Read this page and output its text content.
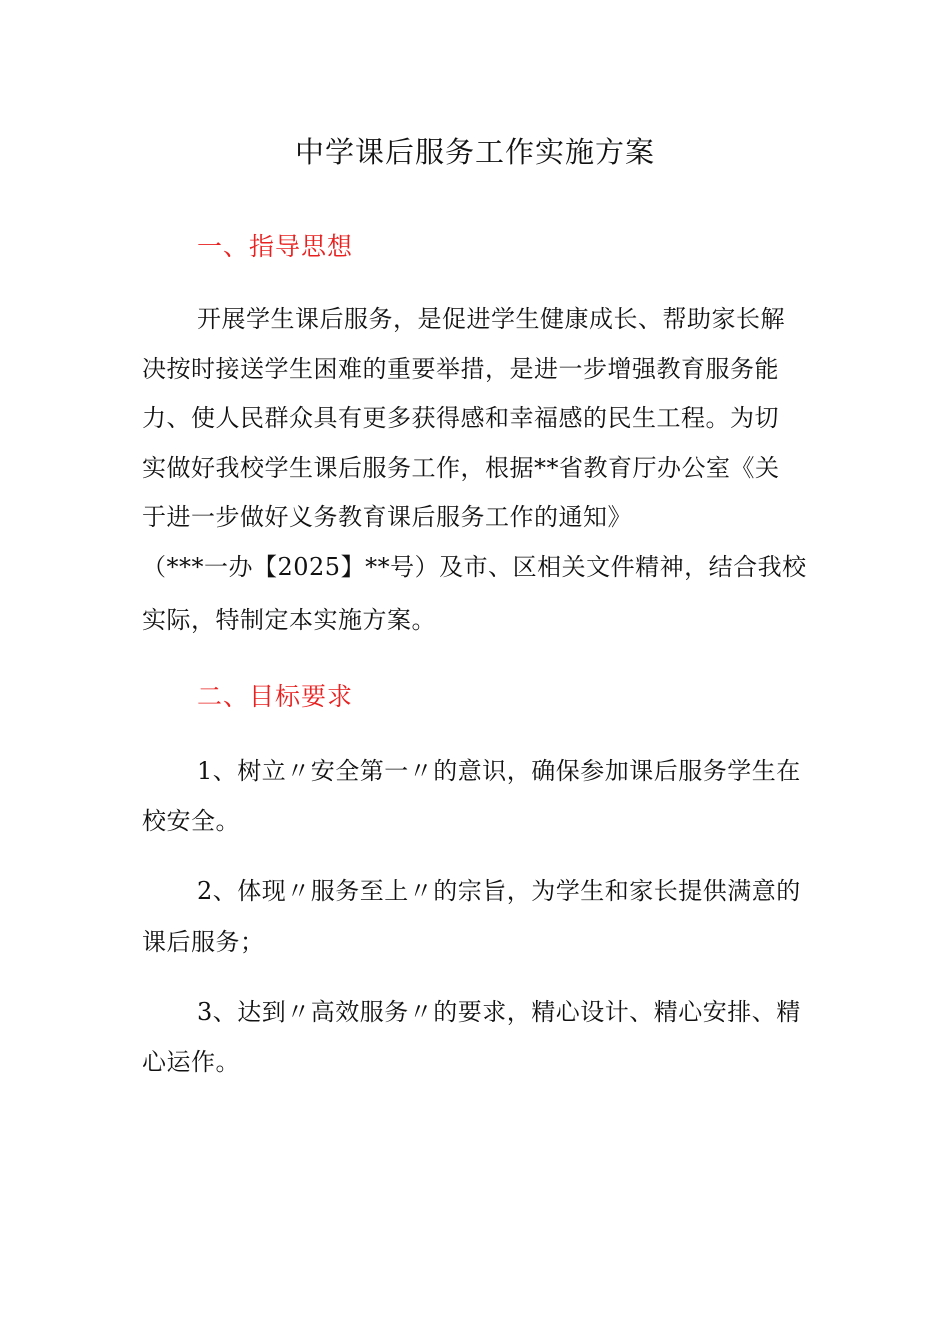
中学课后服务工作实施方案
一、指导思想
开展学生课后服务，是促进学生健康成长、帮助家长解
决按时接送学生困难的重要举措，是进一步增强教育服务能
力、使人民群众具有更多获得感和幸福感的民生工程。为切
实做好我校学生课后服务工作，根据**省教育厅办公室《关
于进一步做好义务教育课后服务工作的通知》
（***一办【2025】**号）及市、区相关文件精神，结合我校
实际，特制定本实施方案。
二、目标要求
1、树立〃安全第一〃的意识，确保参加课后服务学生在
校安全。
2、体现〃服务至上〃的宗旨，为学生和家长提供满意的
课后服务；
3、达到〃高效服务〃的要求，精心设计、精心安排、精
心运作。
